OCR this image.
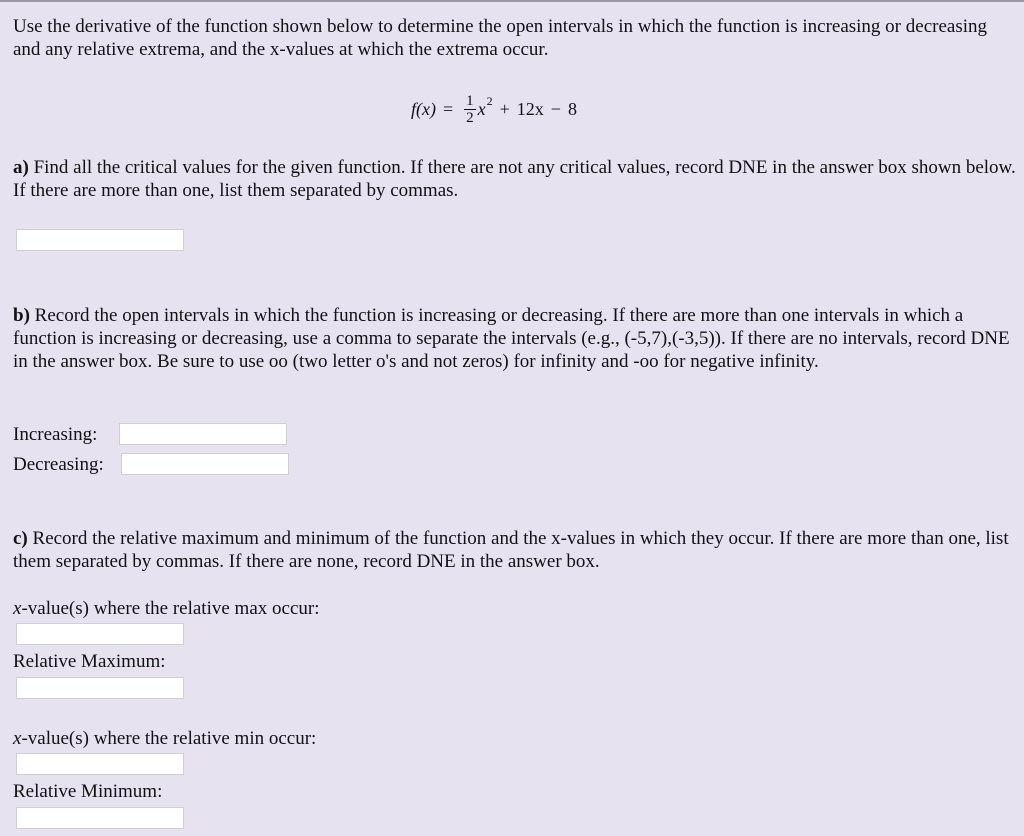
Use the derivative of the function shown below to determine the open intervals in which the function is increasing or decreasing and any relative extrema, and the x-values at which the extrema occur.
$f(x) = \frac{1}{2}$ x 2 + 12x − 8
a) Find all the critical values for the given function. If there are not any critical values, record DNE in the answer box shown below. If there are more than one, list them separated by commas.
b) Record the open intervals in which the function is increasing or decreasing. If there are more than one intervals in which a function is increasing or decreasing, use a comma to separate the intervals (e.g., (-5,7),(-3,5)). If there are no intervals, record DNE in the answer box. Be sure to use oo (two letter o's and not zeros) for infinity and -oo for negative infinity.
Increasing:
Decreasing:
c) Record the relative maximum and minimum of the function and the x-values in which they occur. If there are more than one, list them separated by commas. If there are none, record DNE in the answer box.
x-value(s) where the relative max occur:
Relative Maximum:
x-value(s) where the relative min occur:
Relative Minimum:
